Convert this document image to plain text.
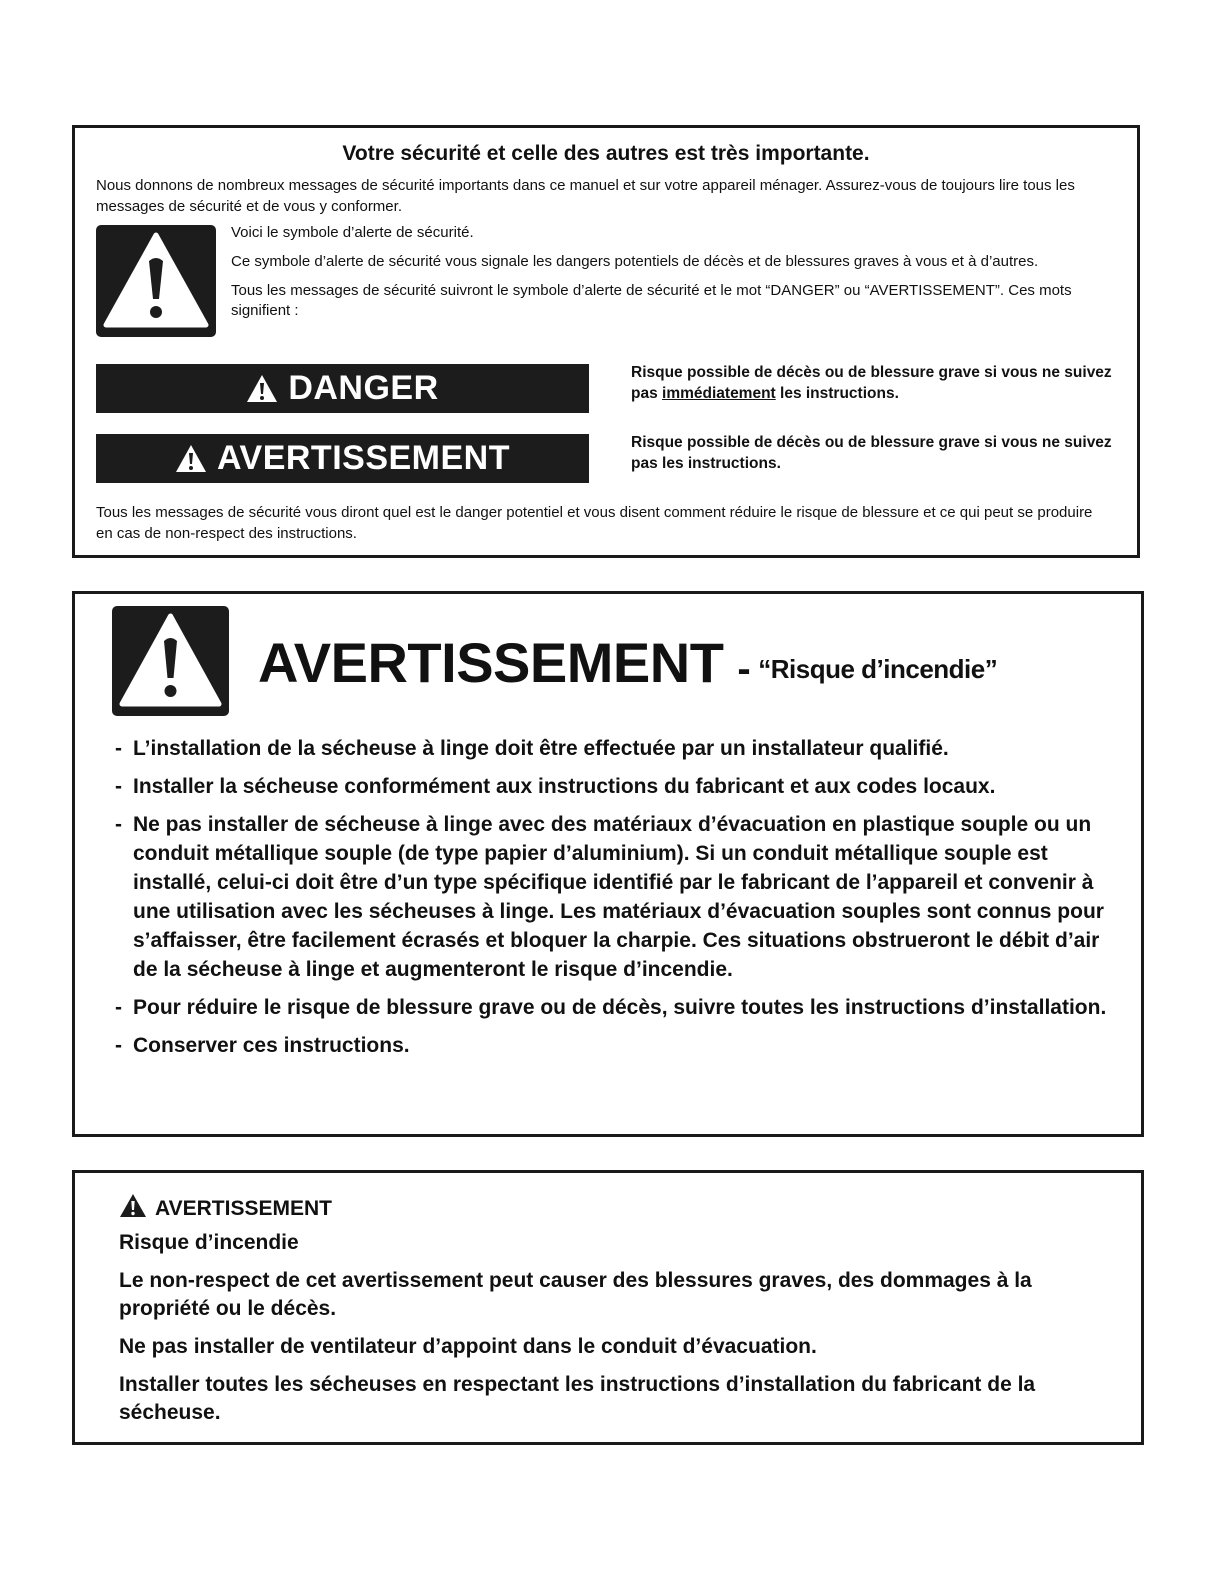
Votre sécurité et celle des autres est très importante.
Nous donnons de nombreux messages de sécurité importants dans ce manuel et sur votre appareil ménager. Assurez-vous de toujours lire tous les messages de sécurité et de vous y conformer.

Voici le symbole d’alerte de sécurité.

Ce symbole d’alerte de sécurité vous signale les dangers potentiels de décès et de blessures graves à vous et à d’autres.

Tous les messages de sécurité suivront le symbole d’alerte de sécurité et le mot “DANGER” ou “AVERTISSEMENT”. Ces mots signifient :

DANGER	Risque possible de décès ou de blessure grave si vous ne suivez pas immédiatement les instructions.
AVERTISSEMENT	Risque possible de décès ou de blessure grave si vous ne suivez pas les instructions.
Tous les messages de sécurité vous diront quel est le danger potentiel et vous disent comment réduire le risque de blessure et ce qui peut se produire en cas de non-respect des instructions.
AVERTISSEMENT - “Risque d’incendie”
- L’installation de la sécheuse à linge doit être effectuée par un installateur qualifié.
- Installer la sécheuse conformément aux instructions du fabricant et aux codes locaux.
- Ne pas installer de sécheuse à linge avec des matériaux d’évacuation en plastique souple ou un conduit métallique souple (de type papier d’aluminium). Si un conduit métallique souple est installé, celui-ci doit être d’un type spécifique identifié par le fabricant de l’appareil et convenir à une utilisation avec les sécheuses à linge. Les matériaux d’évacuation souples sont connus pour s’affaisser, être facilement écrasés et bloquer la charpie. Ces situations obstrueront le débit d’air de la sécheuse à linge et augmenteront le risque d’incendie.
- Pour réduire le risque de blessure grave ou de décès, suivre toutes les instructions d’installation.
- Conserver ces instructions.
AVERTISSEMENT

Risque d’incendie

Le non-respect de cet avertissement peut causer des blessures graves, des dommages à la propriété ou le décès.

Ne pas installer de ventilateur d’appoint dans le conduit d’évacuation.

Installer toutes les sécheuses en respectant les instructions d’installation du fabricant de la sécheuse.
